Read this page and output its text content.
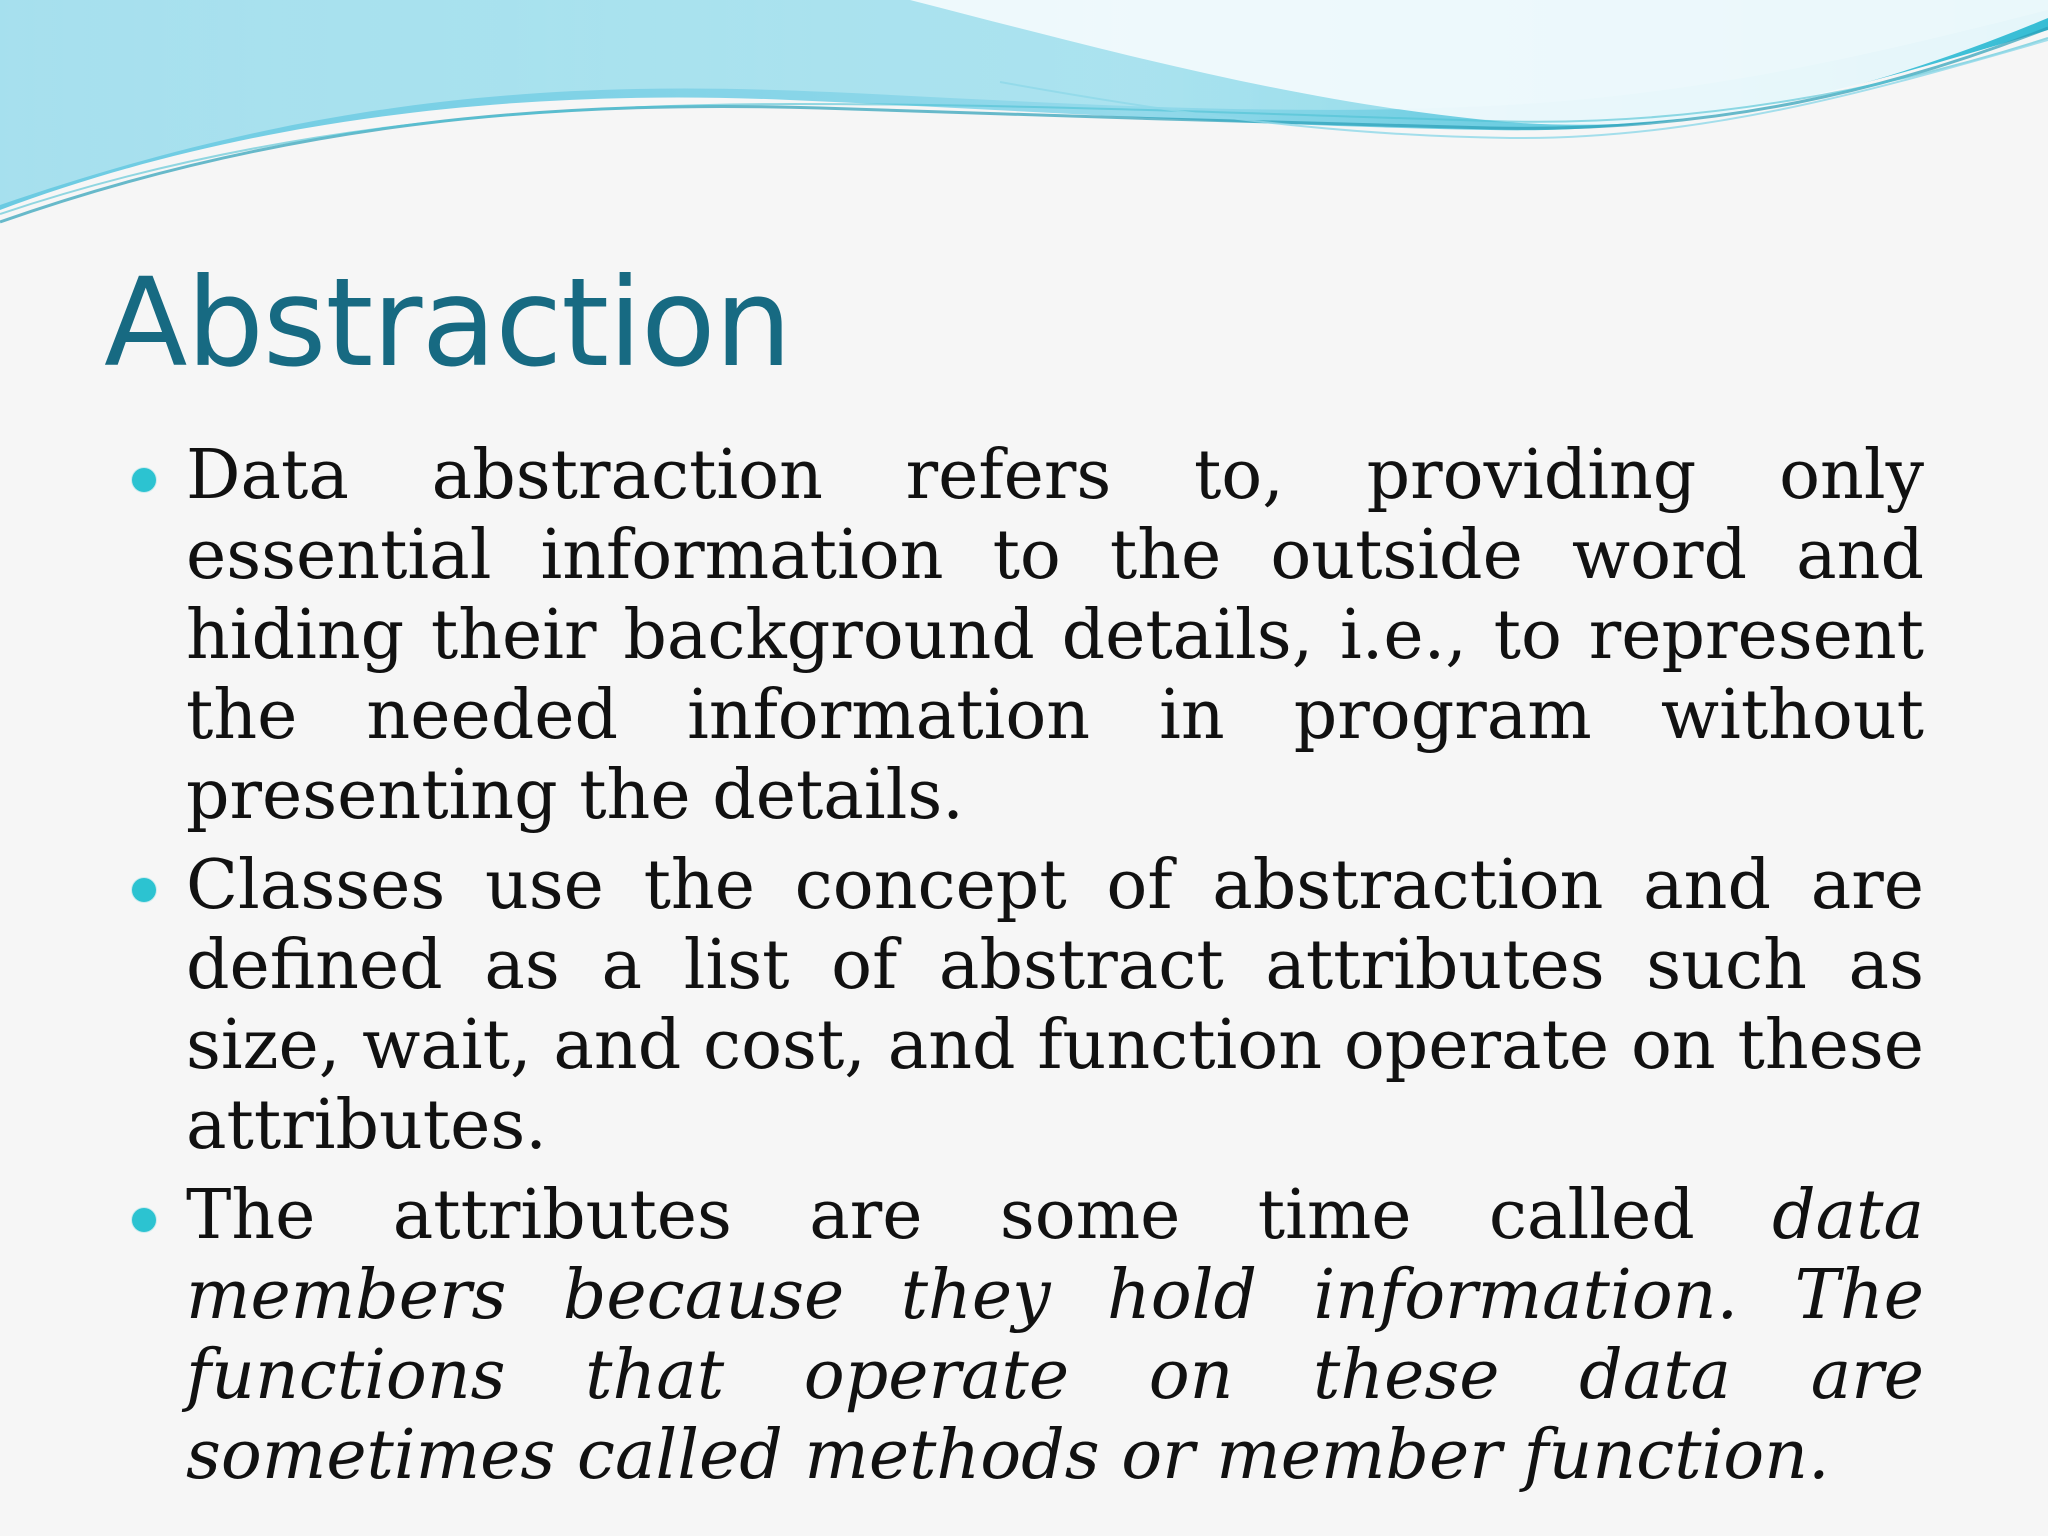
Abstraction
Data abstraction refers to, providing only essential information to the outside word and hiding their background details, i.e., to represent the needed information in program without presenting the details.
Classes use the concept of abstraction and are defined as a list of abstract attributes such as size, wait, and cost, and function operate on these attributes.
The attributes are some time called data members because they hold information. The functions that operate on these data are sometimes called methods or member function.
